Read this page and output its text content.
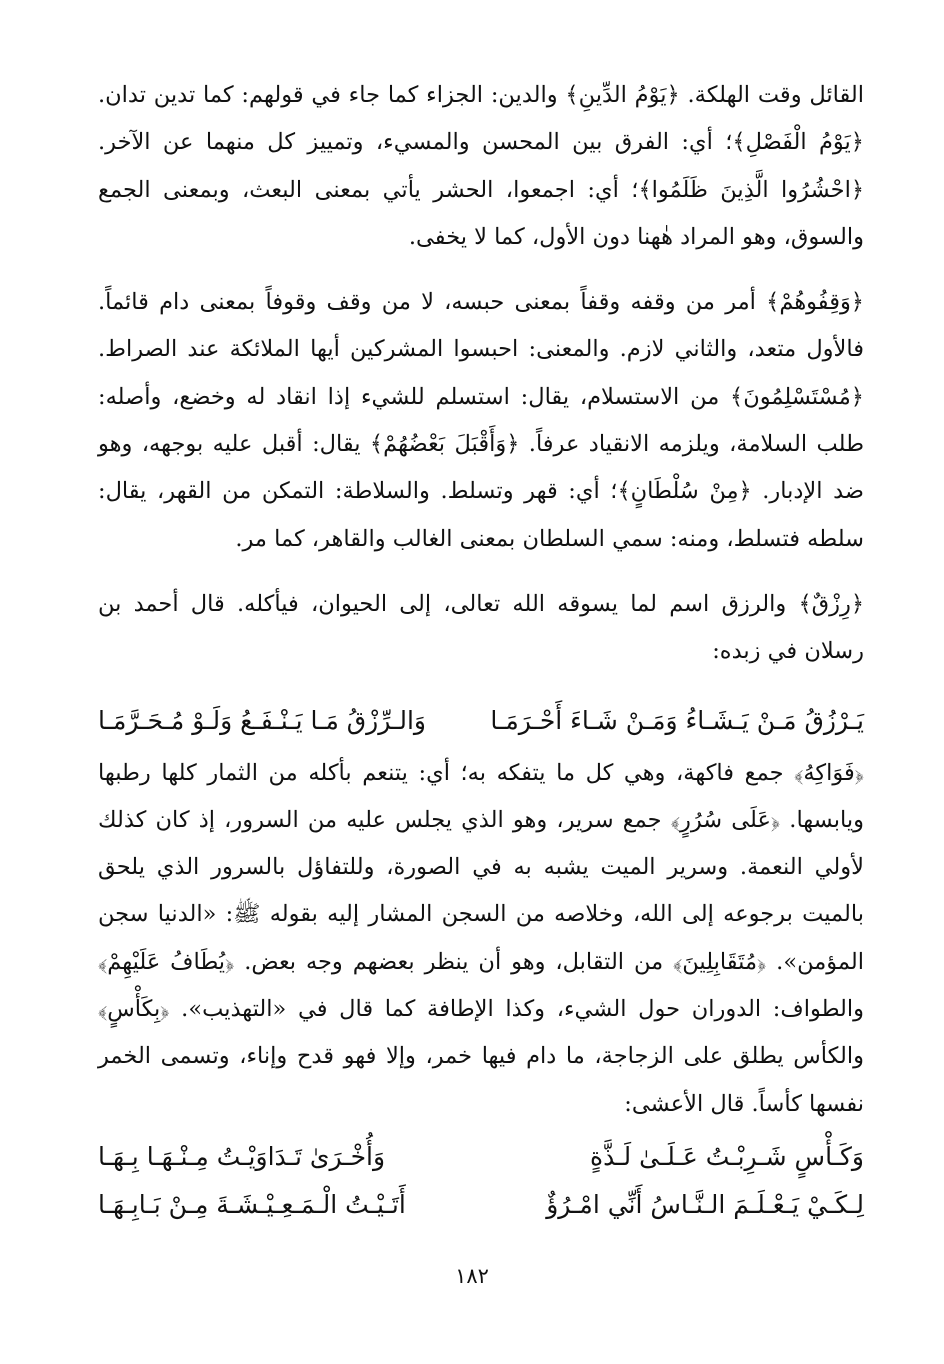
القائل وقت الهلكة. ﴿يَوْمُ الدِّينِ﴾ والدين: الجزاء كما جاء في قولهم: كما تدين تدان. ﴿يَوْمُ الْفَصْلِ﴾؛ أي: الفرق بين المحسن والمسيء، وتمييز كل منهما عن الآخر. ﴿احْشُرُوا الَّذِينَ ظَلَمُوا﴾؛ أي: اجمعوا، الحشر يأتي بمعنى البعث، وبمعنى الجمع والسوق، وهو المراد هٰهنا دون الأول، كما لا يخفى.

﴿وَقِفُوهُمْ﴾ أمر من وقفه وقفاً بمعنى حبسه، لا من وقف وقوفاً بمعنى دام قائماً. فالأول متعد، والثاني لازم. والمعنى: احبسوا المشركين أيها الملائكة عند الصراط. ﴿مُسْتَسْلِمُونَ﴾ من الاستسلام، يقال: استسلم للشيء إذا انقاد له وخضع، وأصله: طلب السلامة، ويلزمه الانقياد عرفاً. ﴿وَأَقْبَلَ بَعْضُهُمْ﴾ يقال: أقبل عليه بوجهه، وهو ضد الإدبار. ﴿مِنْ سُلْطَانٍ﴾؛ أي: قهر وتسلط. والسلاطة: التمكن من القهر، يقال: سلطه فتسلط، ومنه: سمي السلطان بمعنى الغالب والقاهر، كما مر.

﴿رِزْقٌ﴾ والرزق اسم لما يسوقه الله تعالى، إلى الحيوان، فيأكله. قال أحمد بن رسلان في زبده:

يَـرْزُقُ مَـنْ يَـشَـاءُ وَمَـنْ شَـاءَ أَحْـرَمَـا
وَالـرِّزْقُ مَـا يَـنْـفَـعُ وَلَـوْ مُـحَـرَّمَـا

﴿فَوَاكِهُ﴾ جمع فاكهة، وهي كل ما يتفكه به؛ أي: يتنعم بأكله من الثمار كلها رطبها ويابسها. ﴿عَلَى سُرُرٍ﴾ جمع سرير، وهو الذي يجلس عليه من السرور، إذ كان كذلك لأولي النعمة. وسرير الميت يشبه به في الصورة، وللتفاؤل بالسرور الذي يلحق بالميت برجوعه إلى الله، وخلاصه من السجن المشار إليه بقوله ﷺ: «الدنيا سجن المؤمن». ﴿مُتَقَابِلِينَ﴾ من التقابل، وهو أن ينظر بعضهم وجه بعض. ﴿يُطَافُ عَلَيْهِمْ﴾ والطواف: الدوران حول الشيء، وكذا الإطافة كما قال في «التهذيب». ﴿بِكَأْسٍ﴾ والكأس يطلق على الزجاجة، ما دام فيها خمر، وإلا فهو قدح وإناء، وتسمى الخمر نفسها كأساً. قال الأعشى:

وَكَـأْسٍ شَـرِبْـتُ عَـلَـىٰ لَـذَّةٍ
وَأُخْـرَىٰ تَـدَاوَيْـتُ مِـنْـهَـا بِـهَـا
لِـكَـيْ يَـعْـلَـمَ الـنَّـاسُ أَنِّي امْـرُؤٌ
أَتَـيْـتُ الْـمَـعِـيْـشَـةَ مِـنْ بَـابِـهَـا
١٨٢
